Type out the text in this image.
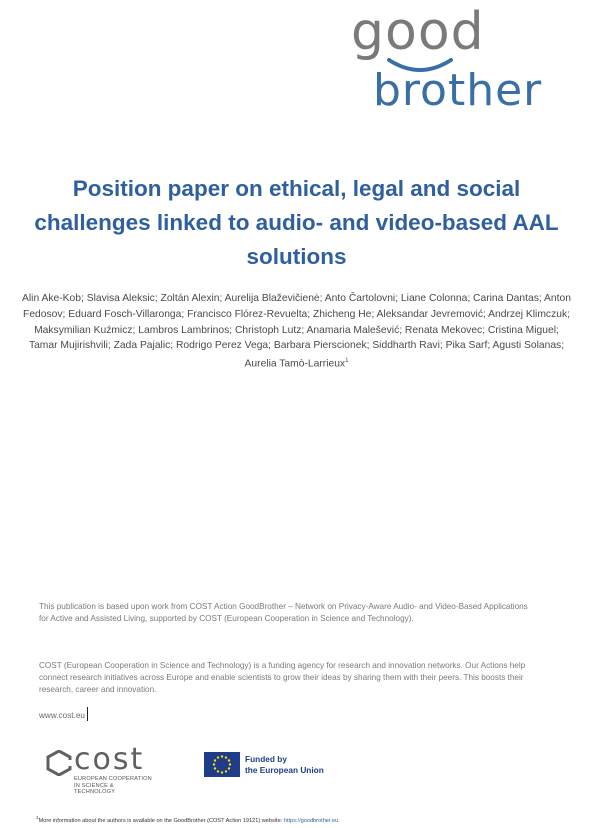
good
brother
Position paper on ethical, legal and social challenges linked to audio- and video-based AAL solutions
Alin Ake-Kob; Slavisa Aleksic; Zoltán Alexin; Aurelija Blaževičienė; Anto Čartolovni; Liane Colonna; Carina Dantas; Anton Fedosov; Eduard Fosch-Villaronga; Francisco Flórez-Revuelta; Zhicheng He; Aleksandar Jevremović; Andrzej Klimczuk; Maksymilian Kuźmicz; Lambros Lambrinos; Christoph Lutz; Anamaria Malešević; Renata Mekovec; Cristina Miguel; Tamar Mujirishvili; Zada Pajalic; Rodrigo Perez Vega; Barbara Pierscionek; Siddharth Ravi; Pika Sarf; Agusti Solanas; Aurelia Tamò-Larrieux$^1$
This publication is based upon work from COST Action GoodBrother – Network on Privacy-Aware Audio- and Video-Based Applications for Active and Assisted Living, supported by COST (European Cooperation in Science and Technology).
COST (European Cooperation in Science and Technology) is a funding agency for research and innovation networks. Our Actions help connect research initiatives across Europe and enable scientists to grow their ideas by sharing them with their peers. This boosts their research, career and innovation.
www.cost.eu
cost
EUROPEAN COOPERATION
IN SCIENCE & TECHNOLOGY
Funded by
the European Union
$^1$More information about the authors is available on the GoodBrother (COST Action 19121) website: https://goodbrother.eu
